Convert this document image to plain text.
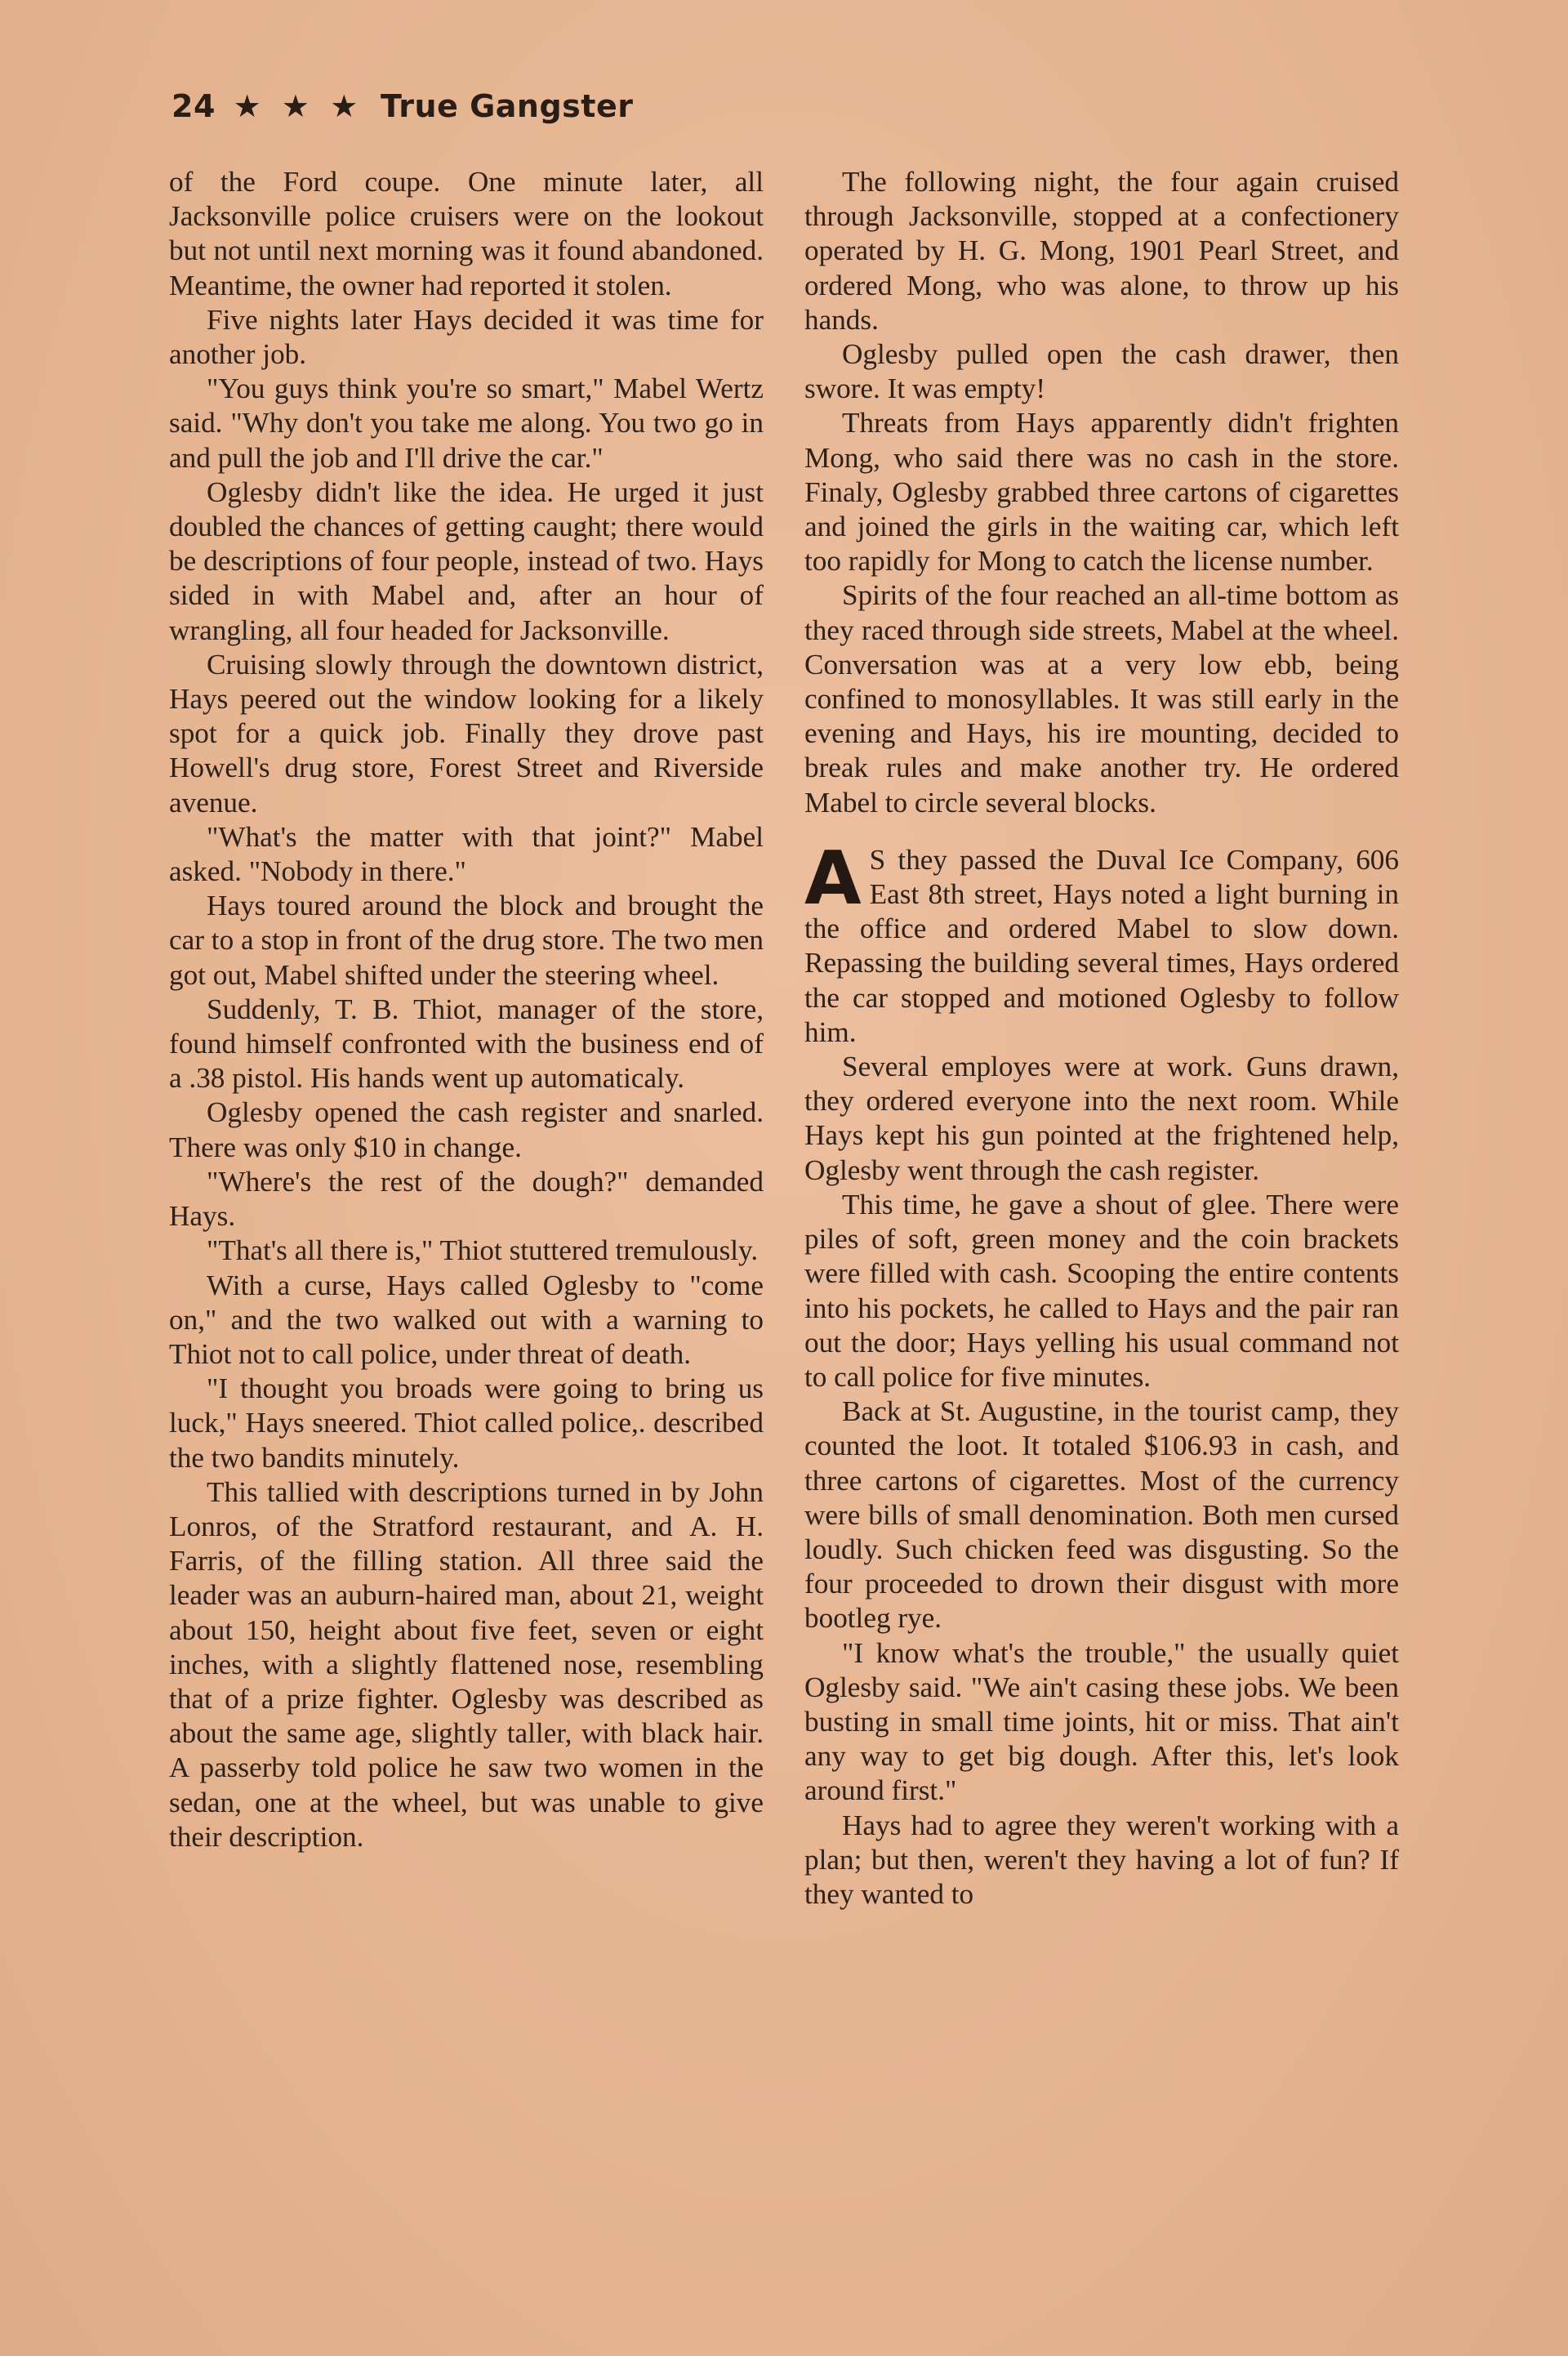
24 ★ ★ ★ True Gangster

of the Ford coupe. One minute later, all Jacksonville police cruisers were on the lookout but not until next morning was it found abandoned. Meantime, the owner had reported it stolen.

Five nights later Hays decided it was time for another job.

"You guys think you're so smart," Mabel Wertz said. "Why don't you take me along. You two go in and pull the job and I'll drive the car."

Oglesby didn't like the idea. He urged it just doubled the chances of getting caught; there would be descriptions of four people, instead of two. Hays sided in with Mabel and, after an hour of wrangling, all four headed for Jacksonville.

Cruising slowly through the downtown district, Hays peered out the window looking for a likely spot for a quick job. Finally they drove past Howell's drug store, Forest Street and Riverside avenue.

"What's the matter with that joint?" Mabel asked. "Nobody in there."

Hays toured around the block and brought the car to a stop in front of the drug store. The two men got out, Mabel shifted under the steering wheel.

Suddenly, T. B. Thiot, manager of the store, found himself confronted with the business end of a .38 pistol. His hands went up automaticaly.

Oglesby opened the cash register and snarled. There was only $10 in change.

"Where's the rest of the dough?" demanded Hays.

"That's all there is," Thiot stuttered tremulously.

With a curse, Hays called Oglesby to "come on," and the two walked out with a warning to Thiot not to call police, under threat of death.

"I thought you broads were going to bring us luck," Hays sneered. Thiot called police,. described the two bandits minutely.

This tallied with descriptions turned in by John Lonros, of the Stratford restaurant, and A. H. Farris, of the filling station. All three said the leader was an auburn-haired man, about 21, weight about 150, height about five feet, seven or eight inches, with a slightly flattened nose, resembling that of a prize fighter. Oglesby was described as about the same age, slightly taller, with black hair. A passerby told police he saw two women in the sedan, one at the wheel, but was unable to give their description.

The following night, the four again cruised through Jacksonville, stopped at a confectionery operated by H. G. Mong, 1901 Pearl Street, and ordered Mong, who was alone, to throw up his hands.

Oglesby pulled open the cash drawer, then swore. It was empty!

Threats from Hays apparently didn't frighten Mong, who said there was no cash in the store. Finaly, Oglesby grabbed three cartons of cigarettes and joined the girls in the waiting car, which left too rapidly for Mong to catch the license number.

Spirits of the four reached an all-time bottom as they raced through side streets, Mabel at the wheel. Conversation was at a very low ebb, being confined to monosyllables. It was still early in the evening and Hays, his ire mounting, decided to break rules and make another try. He ordered Mabel to circle several blocks.

A S they passed the Duval Ice Company, 606 East 8th street, Hays noted a light burning in the office and ordered Mabel to slow down. Repassing the building several times, Hays ordered the car stopped and motioned Oglesby to follow him.

Several employes were at work. Guns drawn, they ordered everyone into the next room. While Hays kept his gun pointed at the frightened help, Oglesby went through the cash register.

This time, he gave a shout of glee. There were piles of soft, green money and the coin brackets were filled with cash. Scooping the entire contents into his pockets, he called to Hays and the pair ran out the door; Hays yelling his usual command not to call police for five minutes.

Back at St. Augustine, in the tourist camp, they counted the loot. It totaled $106.93 in cash, and three cartons of cigarettes. Most of the currency were bills of small denomination. Both men cursed loudly. Such chicken feed was disgusting. So the four proceeded to drown their disgust with more bootleg rye.

"I know what's the trouble," the usually quiet Oglesby said. "We ain't casing these jobs. We been busting in small time joints, hit or miss. That ain't any way to get big dough. After this, let's look around first."

Hays had to agree they weren't working with a plan; but then, weren't they having a lot of fun? If they wanted to
